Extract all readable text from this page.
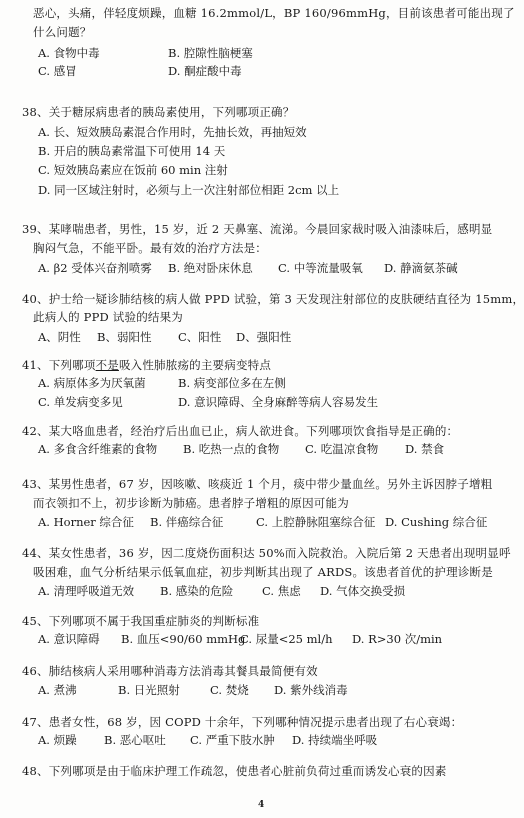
恶心，头痛，伴轻度烦躁，血糖 16.2mmol/L，BP 160/96mmHg，目前该患者可能出现了
什么问题？
A. 食物中毒	B. 腔隙性脑梗塞
C. 感冒	D. 酮症酸中毒
38、关于糖尿病患者的胰岛素使用，下列哪项正确？
A. 长、短效胰岛素混合作用时，先抽长效，再抽短效
B. 开启的胰岛素常温下可使用 14 天
C. 短效胰岛素应在饭前 60 min 注射
D. 同一区域注射时，必须与上一次注射部位相距 2cm 以上
39、某哮喘患者，男性，15 岁，近 2 天鼻塞、流涕。今晨回家裁时吸入油漆味后，感明显
胸闷气急，不能平卧。最有效的治疗方法是：
A. β2 受体兴奋剂喷雾 B. 绝对卧床休息 C. 中等流量吸氧 D. 静滴氨茶碱
40、护士给一疑诊肺结核的病人做 PPD 试验，第 3 天发现注射部位的皮肤硬结直径为 15mm，
此病人的 PPD 试验的结果为
A、阴性 B、弱阳性 C、阳性 D、强阳性
41、下列哪项不是吸入性肺脓疡的主要病变特点
A. 病原体多为厌氧菌	B. 病变部位多在左侧
C. 单发病变多见	D. 意识障碍、全身麻醉等病人容易发生
42、某大咯血患者，经治疗后出血已止，病人欲进食。下列哪项饮食指导是正确的：
A. 多食含纤维素的食物 B. 吃热一点的食物 C. 吃温凉食物 D. 禁食
43、某男性患者，67 岁，因咳嗽、咳痰近 1 个月，痰中带少量血丝。另外主诉因脖子增粗
而衣领扣不上，初步诊断为肺癌。患者脖子增粗的原因可能为
A. Horner 综合征 B. 伴癌综合征	C. 上腔静脉阻塞综合征 D. Cushing 综合征
44、某女性患者，36 岁，因二度烧伤面积达 50%而入院救治。入院后第 2 天患者出现明显呼
吸困难，血气分析结果示低氧血症，初步判断其出现了 ARDS。该患者首优的护理诊断是
A. 清理呼吸道无效 B. 感染的危险 C. 焦虑 D. 气体交换受损
45、下列哪项不属于我国重症肺炎的判断标准
A. 意识障碍 B. 血压<90/60 mmHg
C. 尿量<25 ml/h D. R>30 次/min
46、肺结核病人采用哪种消毒方法消毒其餐具最简便有效
A. 煮沸	B. 日光照射	C. 焚烧 D. 紫外线消毒
47、患者女性，68 岁，因 COPD 十余年，下列哪种情况提示患者出现了右心衰竭：
A. 烦躁 B. 恶心呕吐 C. 严重下肢水肿 D. 持续端坐呼吸
48、下列哪项是由于临床护理工作疏忽，使患者心脏前负荷过重而诱发心衰的因素
4
